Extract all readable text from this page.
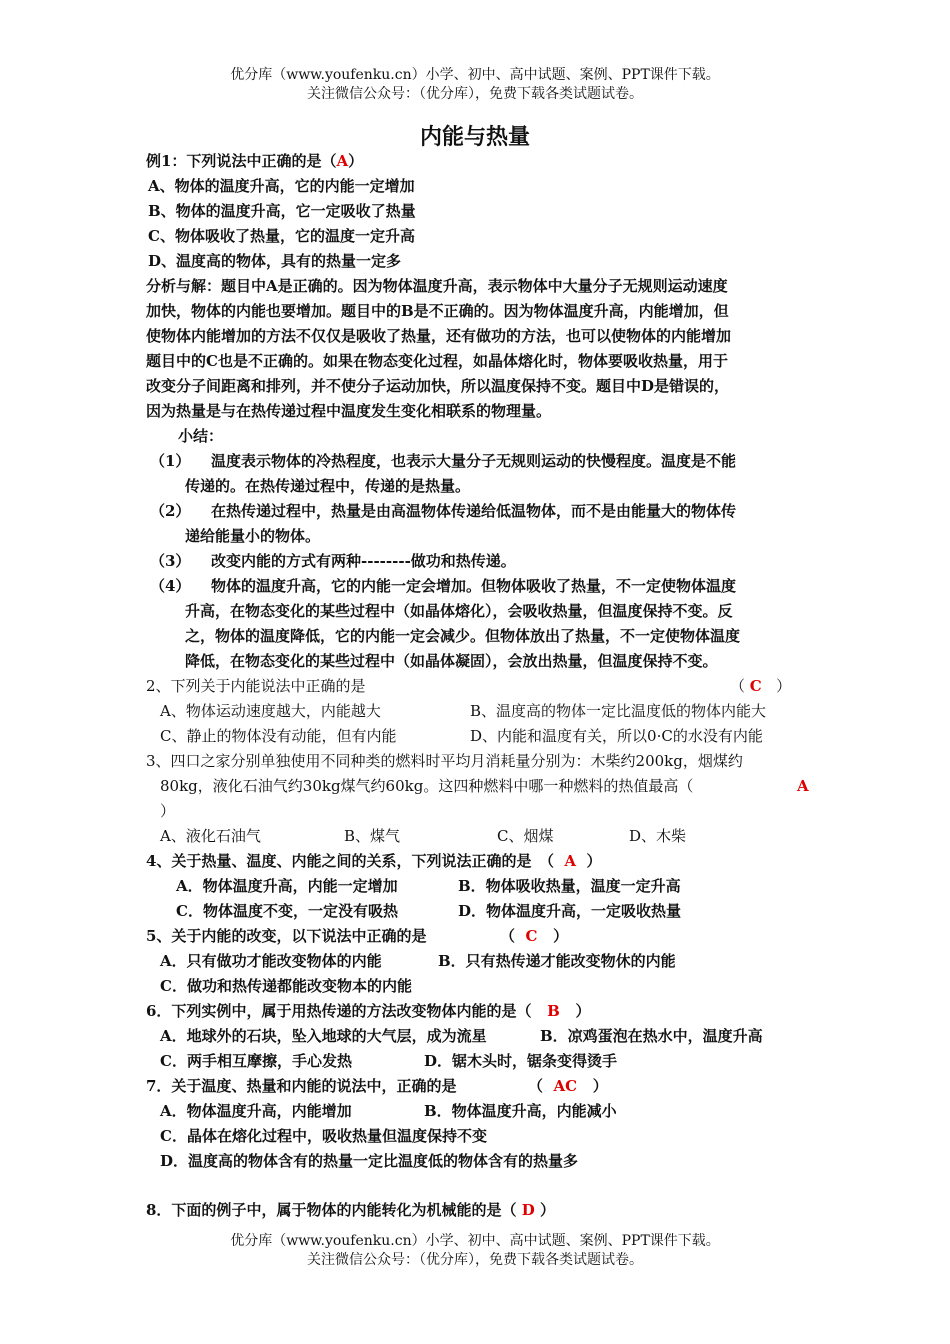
优分库（www.youfenku.cn）小学、初中、高中试题、案例、PPT课件下载。
关注微信公众号：（优分库），免费下载各类试题试卷。
内能与热量
例1：下列说法中正确的是（A）
A、物体的温度升高，它的内能一定增加
B、物体的温度升高，它一定吸收了热量
C、物体吸收了热量，它的温度一定升高
D、温度高的物体，具有的热量一定多
分析与解：题目中A是正确的。因为物体温度升高，表示物体中大量分子无规则运动速度
加快，物体的内能也要增加。题目中的B是不正确的。因为物体温度升高，内能增加，但
使物体内能增加的方法不仅仅是吸收了热量，还有做功的方法，也可以使物体的内能增加
题目中的C也是不正确的。如果在物态变化过程，如晶体熔化时，物体要吸收热量，用于
改变分子间距离和排列，并不使分子运动加快，所以温度保持不变。题目中D是错误的，
因为热量是与在热传递过程中温度发生变化相联系的物理量。
小结：
（1） 温度表示物体的冷热程度，也表示大量分子无规则运动的快慢程度。温度是不能
传递的。在热传递过程中，传递的是热量。
（2） 在热传递过程中，热量是由高温物体传递给低温物体，而不是由能量大的物体传
递给能量小的物体。
（3） 改变内能的方式有两种--------做功和热传递。
（4） 物体的温度升高，它的内能一定会增加。但物体吸收了热量，不一定使物体温度
升高，在物态变化的某些过程中（如晶体熔化），会吸收热量，但温度保持不变。反
之，物体的温度降低，它的内能一定会减少。但物体放出了热量，不一定使物体温度
降低，在物态变化的某些过程中（如晶体凝固），会放出热量，但温度保持不变。
2、下列关于内能说法中正确的是	（ C ）
A、物体运动速度越大，内能越大	B、温度高的物体一定比温度低的物体内能大
C、静止的物体没有动能，但有内能	D、内能和温度有关，所以0·C的水没有内能
3、四口之家分别单独使用不同种类的燃料时平均月消耗量分别为：木柴约200kg，烟煤约
80kg，液化石油气约30kg煤气约60kg。这四种燃料中哪一种燃料的热值最高（	A
）
A、液化石油气	B、煤气	C、烟煤	D、木柴
4、关于热量、温度、内能之间的关系，下列说法正确的是　（ A ）
A．物体温度升高，内能一定增加	B．物体吸收热量，温度一定升高
C．物体温度不变，一定没有吸热	D．物体温度升高，一定吸收热量
5、关于内能的改变，以下说法中正确的是	（ C ）
A．只有做功才能改变物体的内能	B．只有热传递才能改变物休的内能
C．做功和热传递都能改变物本的内能
6．下列实例中，属于用热传递的方法改变物体内能的是（ B ）
A．地球外的石块，坠入地球的大气层，成为流星	B．凉鸡蛋泡在热水中，温度升高
C．两手相互摩擦，手心发热	D．锯木头时，锯条变得烫手
7．关于温度、热量和内能的说法中，正确的是	（ AC ）
A．物体温度升高，内能增加	B．物体温度升高，内能减小
C．晶体在熔化过程中，吸收热量但温度保持不变
D．温度高的物体含有的热量一定比温度低的物体含有的热量多
8．下面的例子中，属于物体的内能转化为机械能的是（ D ）
优分库（www.youfenku.cn）小学、初中、高中试题、案例、PPT课件下载。
关注微信公众号：（优分库），免费下载各类试题试卷。
